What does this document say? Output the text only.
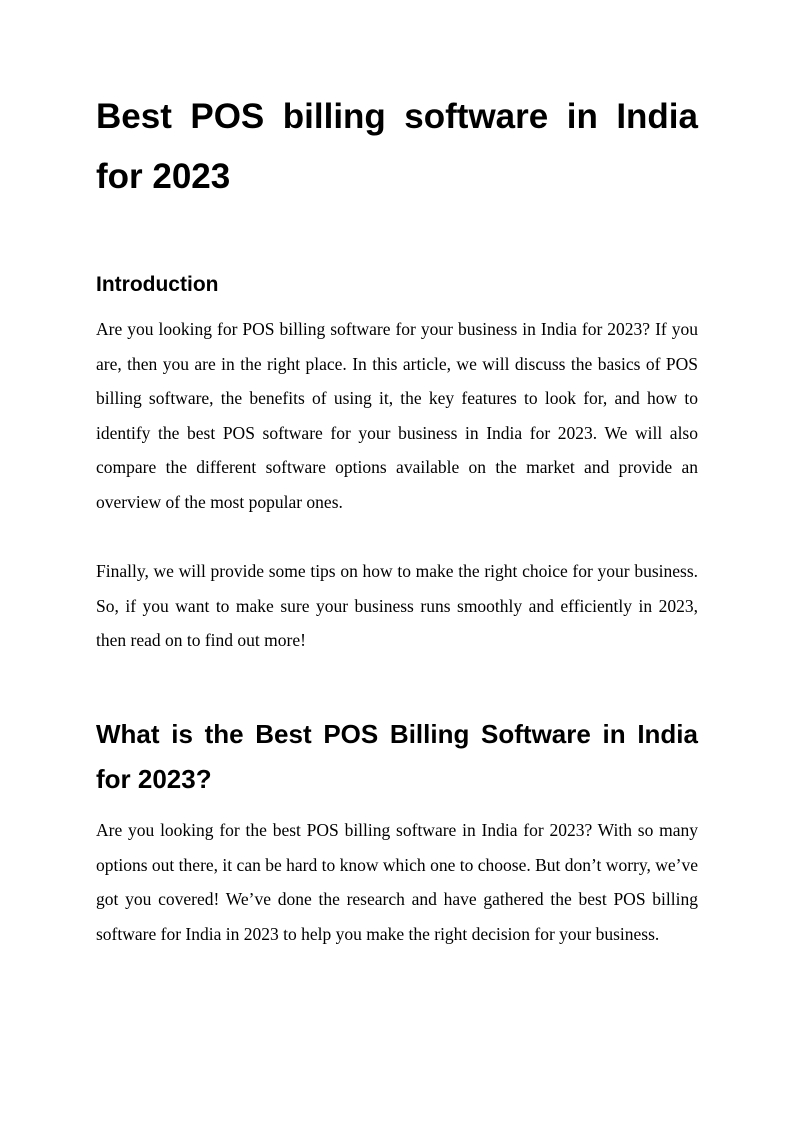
Best POS billing software in India for 2023
Introduction

Are you looking for POS billing software for your business in India for 2023? If you are, then you are in the right place. In this article, we will discuss the basics of POS billing software, the benefits of using it, the key features to look for, and how to identify the best POS software for your business in India for 2023. We will also compare the different software options available on the market and provide an overview of the most popular ones.

Finally, we will provide some tips on how to make the right choice for your business. So, if you want to make sure your business runs smoothly and efficiently in 2023, then read on to find out more!

What is the Best POS Billing Software in India for 2023?

Are you looking for the best POS billing software in India for 2023? With so many options out there, it can be hard to know which one to choose. But don’t worry, we’ve got you covered! We’ve done the research and have gathered the best POS billing software for India in 2023 to help you make the right decision for your business.
